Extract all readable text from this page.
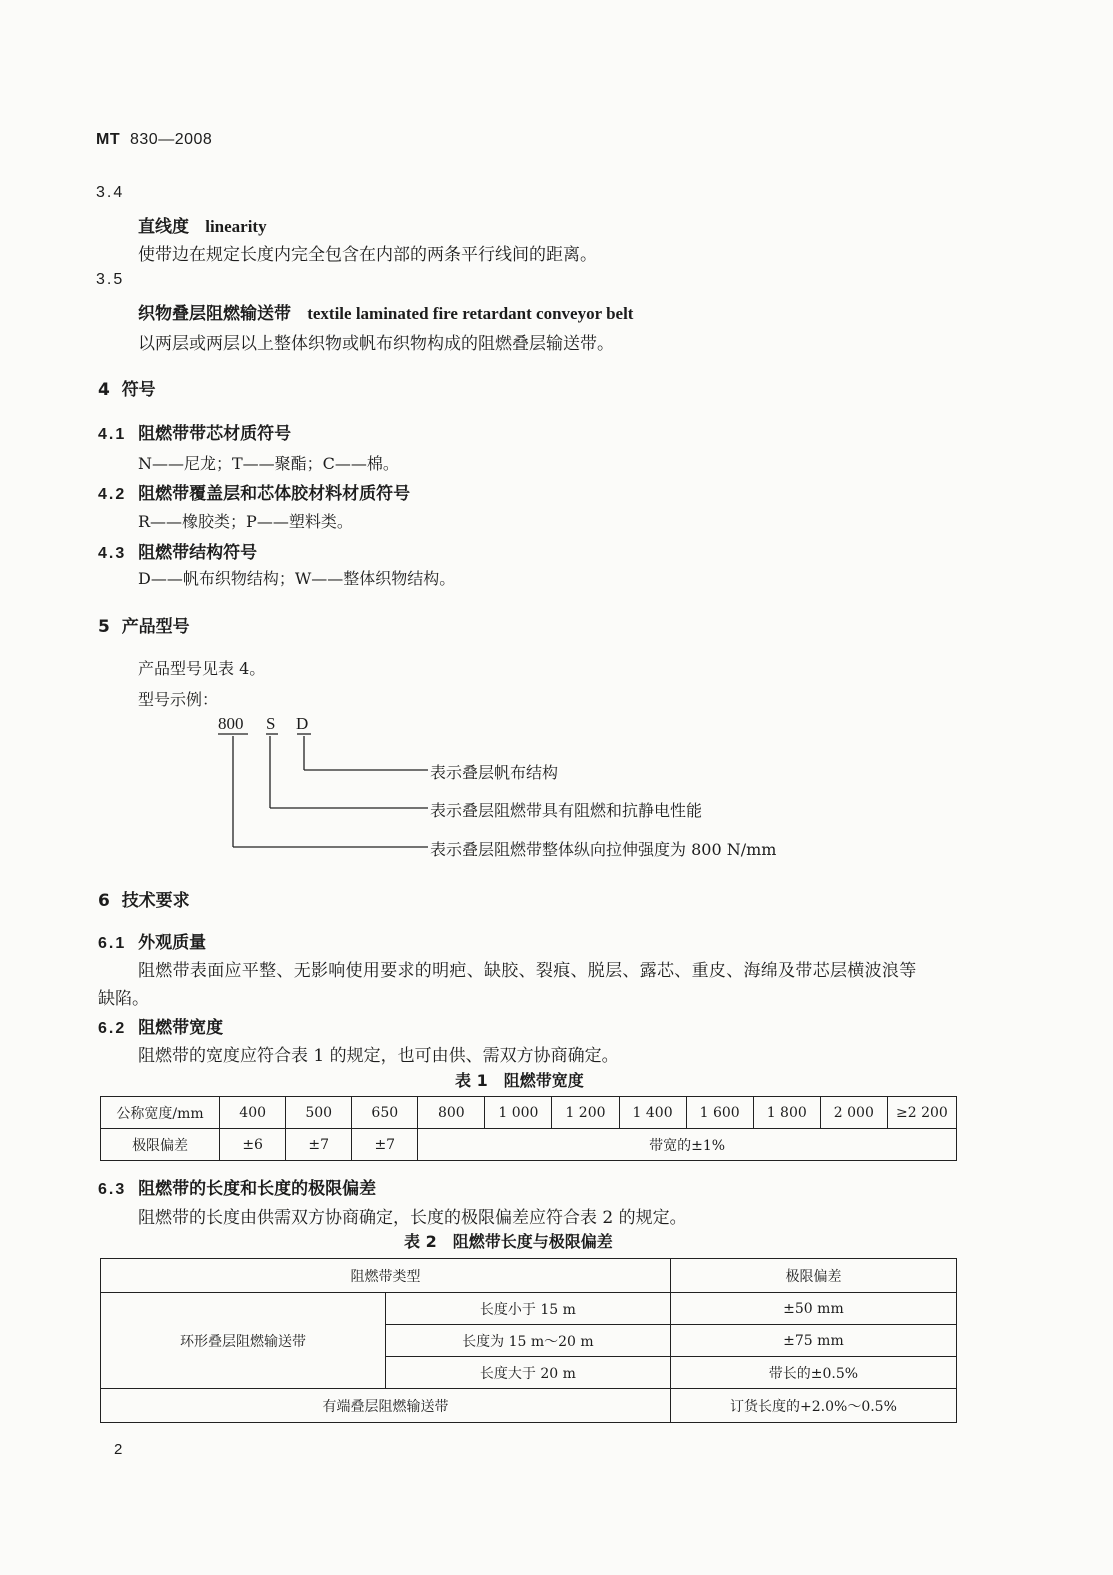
MT 830—2008
3.4
直线度 linearity
使带边在规定长度内完全包含在内部的两条平行线间的距离。
3.5
织物叠层阻燃输送带 textile laminated fire retardant conveyor belt
以两层或两层以上整体织物或帆布织物构成的阻燃叠层输送带。
4 符号
4.1 阻燃带带芯材质符号
N——尼龙；T——聚酯；C——棉。
4.2 阻燃带覆盖层和芯体胶材料材质符号
R——橡胶类；P——塑料类。
4.3 阻燃带结构符号
D——帆布织物结构；W——整体织物结构。
5 产品型号
产品型号见表 4。
型号示例：
800 S D
表示叠层帆布结构
表示叠层阻燃带具有阻燃和抗静电性能
表示叠层阻燃带整体纵向拉伸强度为 800 N/mm
6 技术要求
6.1 外观质量
阻燃带表面应平整、无影响使用要求的明疤、缺胶、裂痕、脱层、露芯、重皮、海绵及带芯层横波浪等
缺陷。
6.2 阻燃带宽度
阻燃带的宽度应符合表 1 的规定，也可由供、需双方协商确定。
表 1　阻燃带宽度
公称宽度/mm	400	500	650	800	1 000	1 200	1 400	1 600	1 800	2 000	≥2 200
极限偏差	±6	±7	±7	带宽的±1%							
6.3 阻燃带的长度和长度的极限偏差
阻燃带的长度由供需双方协商确定，长度的极限偏差应符合表 2 的规定。
表 2　阻燃带长度与极限偏差
阻燃带类型		极限偏差
环形叠层阻燃输送带	长度小于 15 m	±50 mm
	长度为 15 m～20 m	±75 mm
	长度大于 20 m	带长的±0.5%
有端叠层阻燃输送带		订货长度的+2.0%～0.5%
2
